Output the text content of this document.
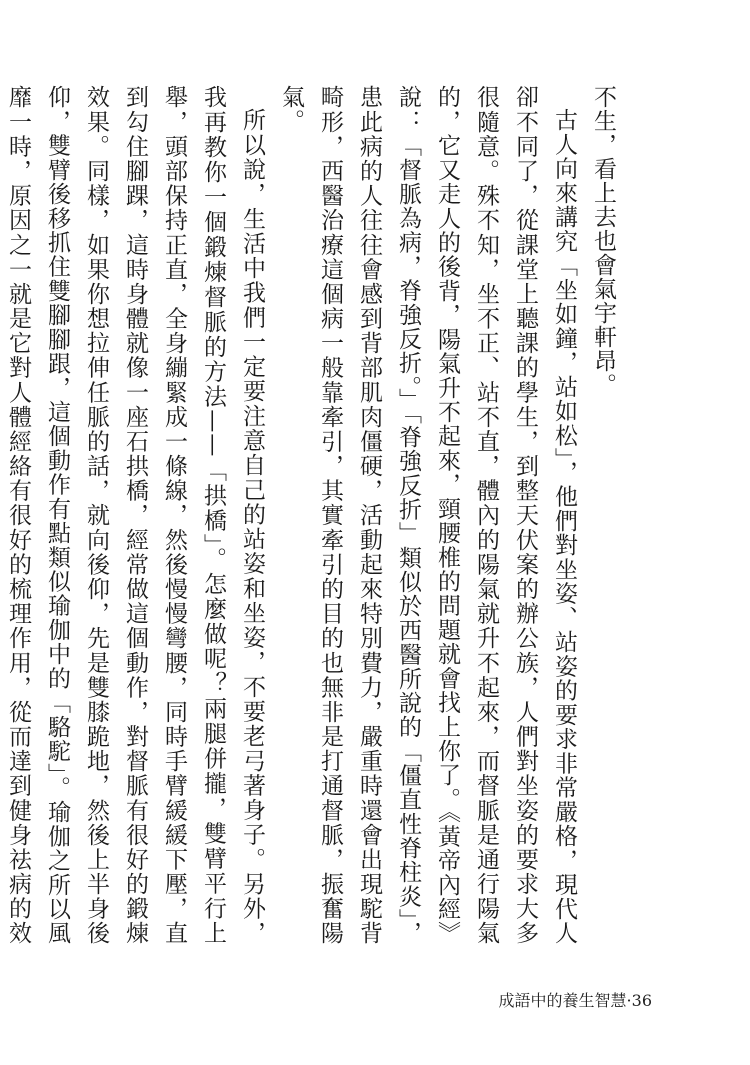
不生，看上去也會氣宇軒昂。

古人向來講究「坐如鐘，站如松」，他們對坐姿、站姿的要求非常嚴格，現代人卻不同了，從課堂上聽課的學生，到整天伏案的辦公族，人們對坐姿的要求大多很隨意。殊不知，坐不正、站不直，體內的陽氣就升不起來，而督脈是通行陽氣的，它又走人的後背，陽氣升不起來，頸腰椎的問題就會找上你了。《黃帝內經》說：「督脈為病，脊強反折。」「脊強反折」類似於西醫所說的「僵直性脊柱炎」，患此病的人往往會感到背部肌肉僵硬，活動起來特別費力，嚴重時還會出現駝背畸形，西醫治療這個病一般靠牽引，其實牽引的目的也無非是打通督脈，振奮陽氣。

所以說，生活中我們一定要注意自己的站姿和坐姿，不要老弓著身子。另外，我再教你一個鍛煉督脈的方法——「拱橋」。怎麼做呢？兩腿併攏，雙臂平行上舉，頭部保持正直，全身繃緊成一條線，然後慢慢彎腰，同時手臂緩緩下壓，直到勾住腳踝，這時身體就像一座石拱橋，經常做這個動作，對督脈有很好的鍛煉效果。同樣，如果你想拉伸任脈的話，就向後仰，先是雙膝跪地，然後上半身後仰，雙臂後移抓住雙腳腳跟，這個動作有點類似瑜伽中的「駱駝」。瑜伽之所以風靡一時，原因之一就是它對人體經絡有很好的梳理作用，從而達到健身祛病的效

成語中的養生智慧·36
